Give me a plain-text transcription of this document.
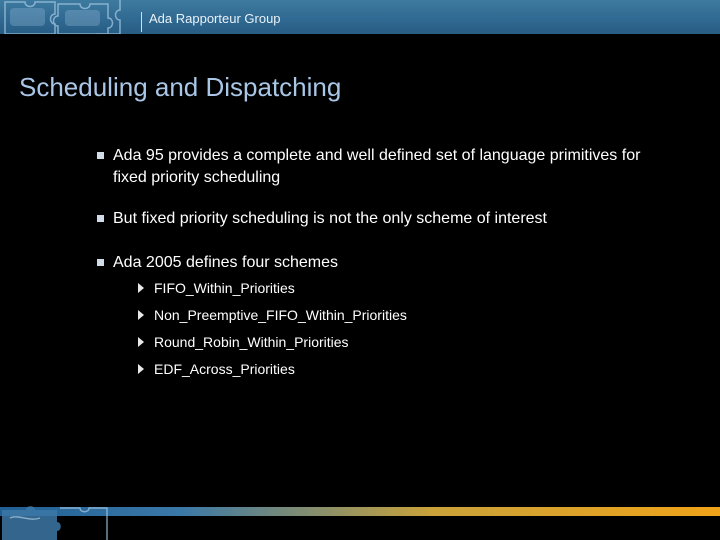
Ada Rapporteur Group
Scheduling and Dispatching
Ada 95 provides a complete and well defined set of language primitives for fixed priority scheduling
But fixed priority scheduling is not the only scheme of interest
Ada 2005 defines four schemes
FIFO_Within_Priorities
Non_Preemptive_FIFO_Within_Priorities
Round_Robin_Within_Priorities
EDF_Across_Priorities
